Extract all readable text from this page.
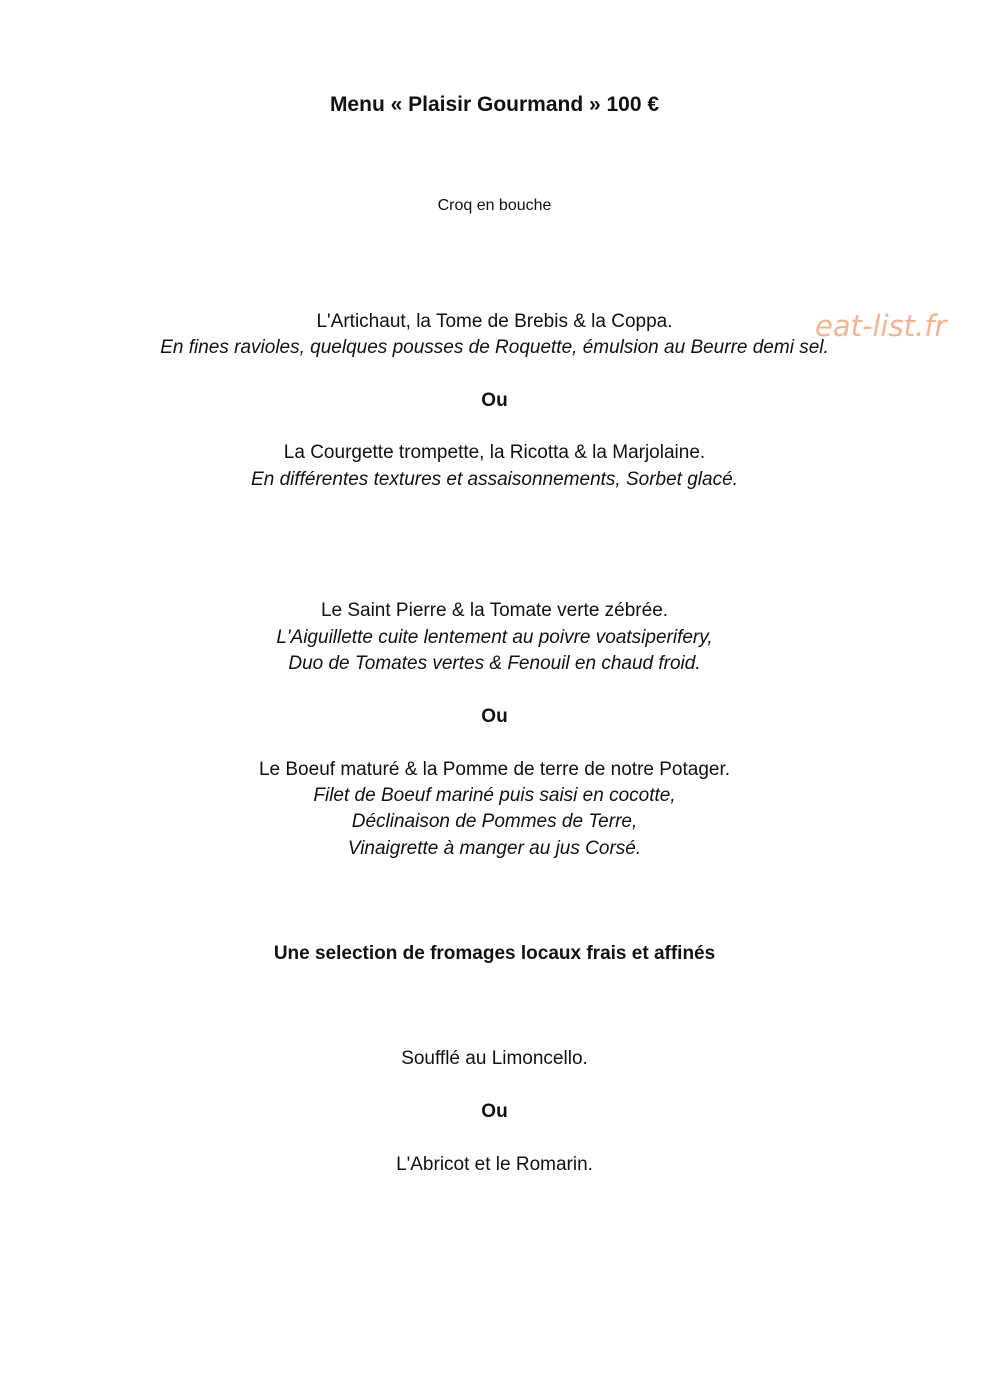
Menu « Plaisir Gourmand » 100 €
Croq en bouche
L'Artichaut, la Tome de Brebis & la Coppa.
En fines ravioles, quelques pousses de Roquette, émulsion au Beurre demi sel.
Ou
La Courgette trompette, la Ricotta & la Marjolaine.
En différentes textures et assaisonnements, Sorbet glacé.
Le Saint Pierre & la Tomate verte zébrée.
L'Aiguillette cuite lentement au poivre voatsiperifery,
Duo de Tomates vertes & Fenouil en chaud froid.
Ou
Le Boeuf maturé & la Pomme de terre de notre Potager.
Filet de Boeuf mariné puis saisi en cocotte,
Déclinaison de Pommes de Terre,
Vinaigrette à manger au jus Corsé.
Une selection de fromages locaux frais et affinés
Soufflé au Limoncello.
Ou
L'Abricot et le Romarin.
eat-list.fr
